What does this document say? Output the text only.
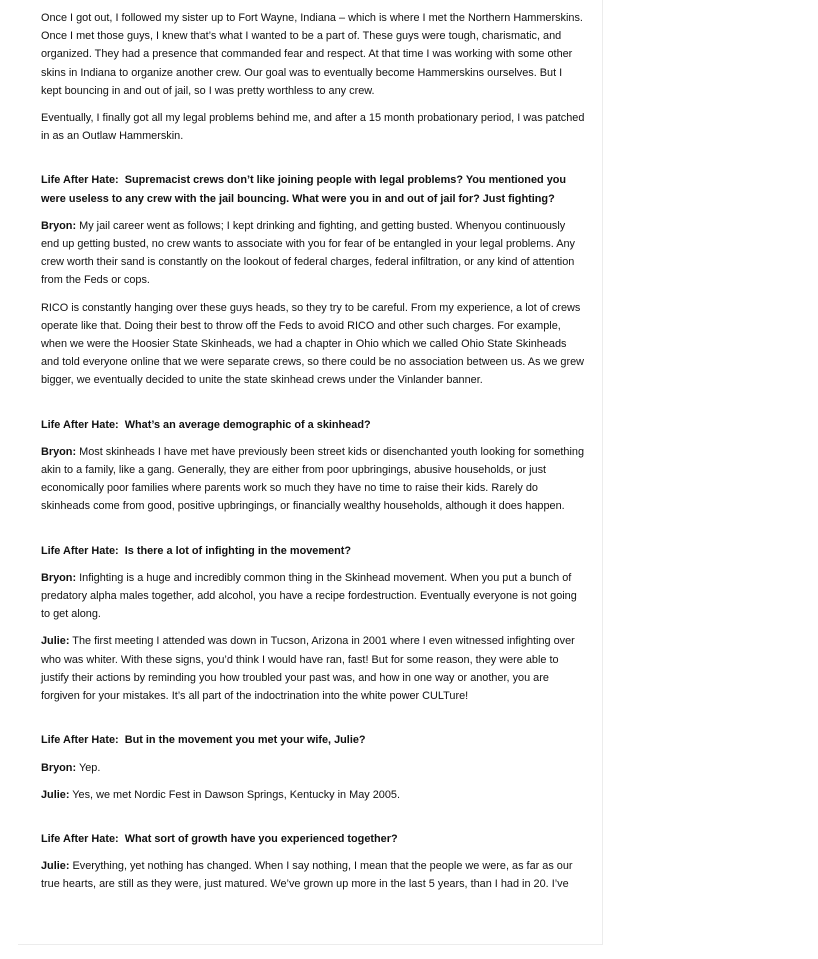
Once I got out, I followed my sister up to Fort Wayne, Indiana – which is where I met the Northern Hammerskins. Once I met those guys, I knew that’s what I wanted to be a part of. These guys were tough, charismatic, and organized. They had a presence that commanded fear and respect. At that time I was working with some other skins in Indiana to organize another crew. Our goal was to eventually become Hammerskins ourselves. But I kept bouncing in and out of jail, so I was pretty worthless to any crew.

Eventually, I finally got all my legal problems behind me, and after a 15 month probationary period, I was patched in as an Outlaw Hammerskin.

Life After Hate: Supremacist crews don’t like joining people with legal problems? You mentioned you were useless to any crew with the jail bouncing. What were you in and out of jail for? Just fighting?

Bryon: My jail career went as follows; I kept drinking and fighting, and getting busted. Whenyou continuously end up getting busted, no crew wants to associate with you for fear of be entangled in your legal problems. Any crew worth their sand is constantly on the lookout of federal charges, federal infiltration, or any kind of attention from the Feds or cops.

RICO is constantly hanging over these guys heads, so they try to be careful. From my experience, a lot of crews operate like that. Doing their best to throw off the Feds to avoid RICO and other such charges. For example, when we were the Hoosier State Skinheads, we had a chapter in Ohio which we called Ohio State Skinheads and told everyone online that we were separate crews, so there could be no association between us. As we grew bigger, we eventually decided to unite the state skinhead crews under the Vinlander banner.

Life After Hate: What’s an average demographic of a skinhead?

Bryon: Most skinheads I have met have previously been street kids or disenchanted youth looking for something akin to a family, like a gang. Generally, they are either from poor upbringings, abusive households, or just economically poor families where parents work so much they have no time to raise their kids. Rarely do skinheads come from good, positive upbringings, or financially wealthy households, although it does happen.

Life After Hate: Is there a lot of infighting in the movement?

Bryon: Infighting is a huge and incredibly common thing in the Skinhead movement. When you put a bunch of predatory alpha males together, add alcohol, you have a recipe fordestruction. Eventually everyone is not going to get along.

Julie: The first meeting I attended was down in Tucson, Arizona in 2001 where I even witnessed infighting over who was whiter. With these signs, you’d think I would have ran, fast! But for some reason, they were able to justify their actions by reminding you how troubled your past was, and how in one way or another, you are forgiven for your mistakes. It’s all part of the indoctrination into the white power CULTure!

Life After Hate: But in the movement you met your wife, Julie?

Bryon: Yep.

Julie: Yes, we met Nordic Fest in Dawson Springs, Kentucky in May 2005.

Life After Hate: What sort of growth have you experienced together?

Julie: Everything, yet nothing has changed. When I say nothing, I mean that the people we were, as far as our true hearts, are still as they were, just matured. We’ve grown up more in the last 5 years, than I had in 20. I’ve
